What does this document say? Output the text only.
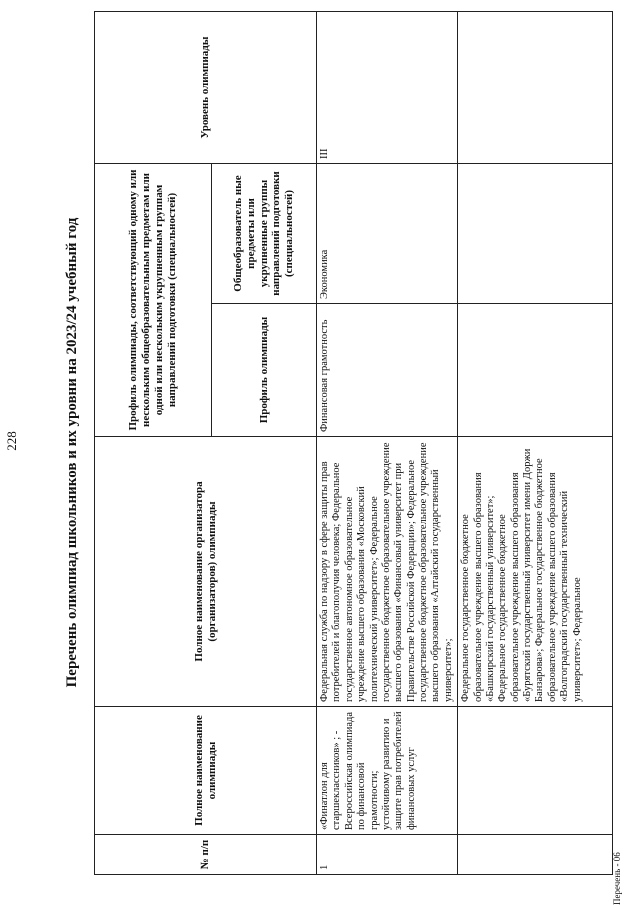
228	Перечень олимпиад школьников и их уровни на 2023/24 учебный год
№ п/п	Полное наименование олимпиады	Полное наименование организатора (организаторов) олимпиады	Профиль олимпиады, соответствующий одному или нескольким общеобразовательным предметам или одной или нескольким укрупненным группам направлений подготовки (специальностей)		Уровень олимпиады
			Профиль олимпиады	Общеобразователь ные предметы или укрупненные группы направлений подготовки (специальностей)	
1	«Финатлон для старшеклассников» ; - Всероссийская олимпиада по финансовой грамотности; устойчивому развитию и защите прав потребителей финансовых услуг	Федеральная служба по надзору в сфере защиты прав потребителей и благополучия человека; Федеральное государственное автономное образовательное учреждение высшего образования «Московский политехнический университет»; Федеральное государственное бюджетное образовательное учреждение высшего образования «Финансовый университет при Правительстве Российской Федерации»; Федеральное государственное бюджетное образовательное учреждение высшего образования «Алтайский государственный университет»;	Финансовая грамотность	Экономика	III
		Федеральное государственное бюджетное образовательное учреждение высшего образования «Башкирский государственный университет»; Федеральное государственное бюджетное образовательное учреждение высшего образования «Бурятский государственный университет имени Доржи Банзарова»; Федеральное государственное бюджетное образовательное учреждение высшего образования «Волгоградский государственный технический университет»; Федеральное			
Перечень - 06
